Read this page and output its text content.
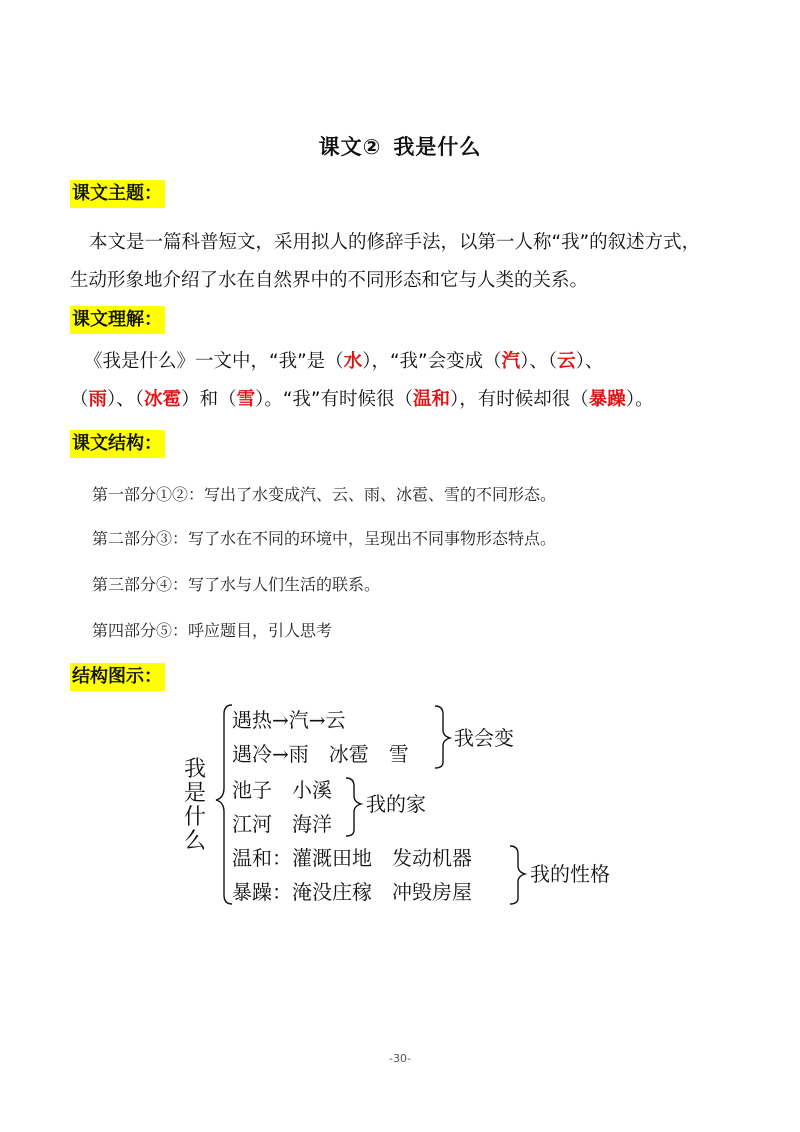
课文② 我是什么
课文主题：
本文是一篇科普短文，采用拟人的修辞手法，以第一人称“我”的叙述方式，
生动形象地介绍了水在自然界中的不同形态和它与人类的关系。
课文理解：
《我是什么》一文中，“我”是（水），“我”会变成（汽）、（云）、
（雨）、（冰雹）和（雪）。“我”有时候很（温和），有时候却很（暴躁）。
课文结构：
第一部分①②：写出了水变成汽、云、雨、冰雹、雪的不同形态。
第二部分③：写了水在不同的环境中，呈现出不同事物形态特点。
第三部分④：写了水与人们生活的联系。
第四部分⑤：呼应题目，引人思考
结构图示：
我
是
什
么
遇热→汽→云
遇冷→雨　冰雹　雪
我会变
池子　小溪
江河　海洋
我的家
温和：灌溉田地　发动机器
暴躁：淹没庄稼　冲毁房屋
我的性格
-30-
